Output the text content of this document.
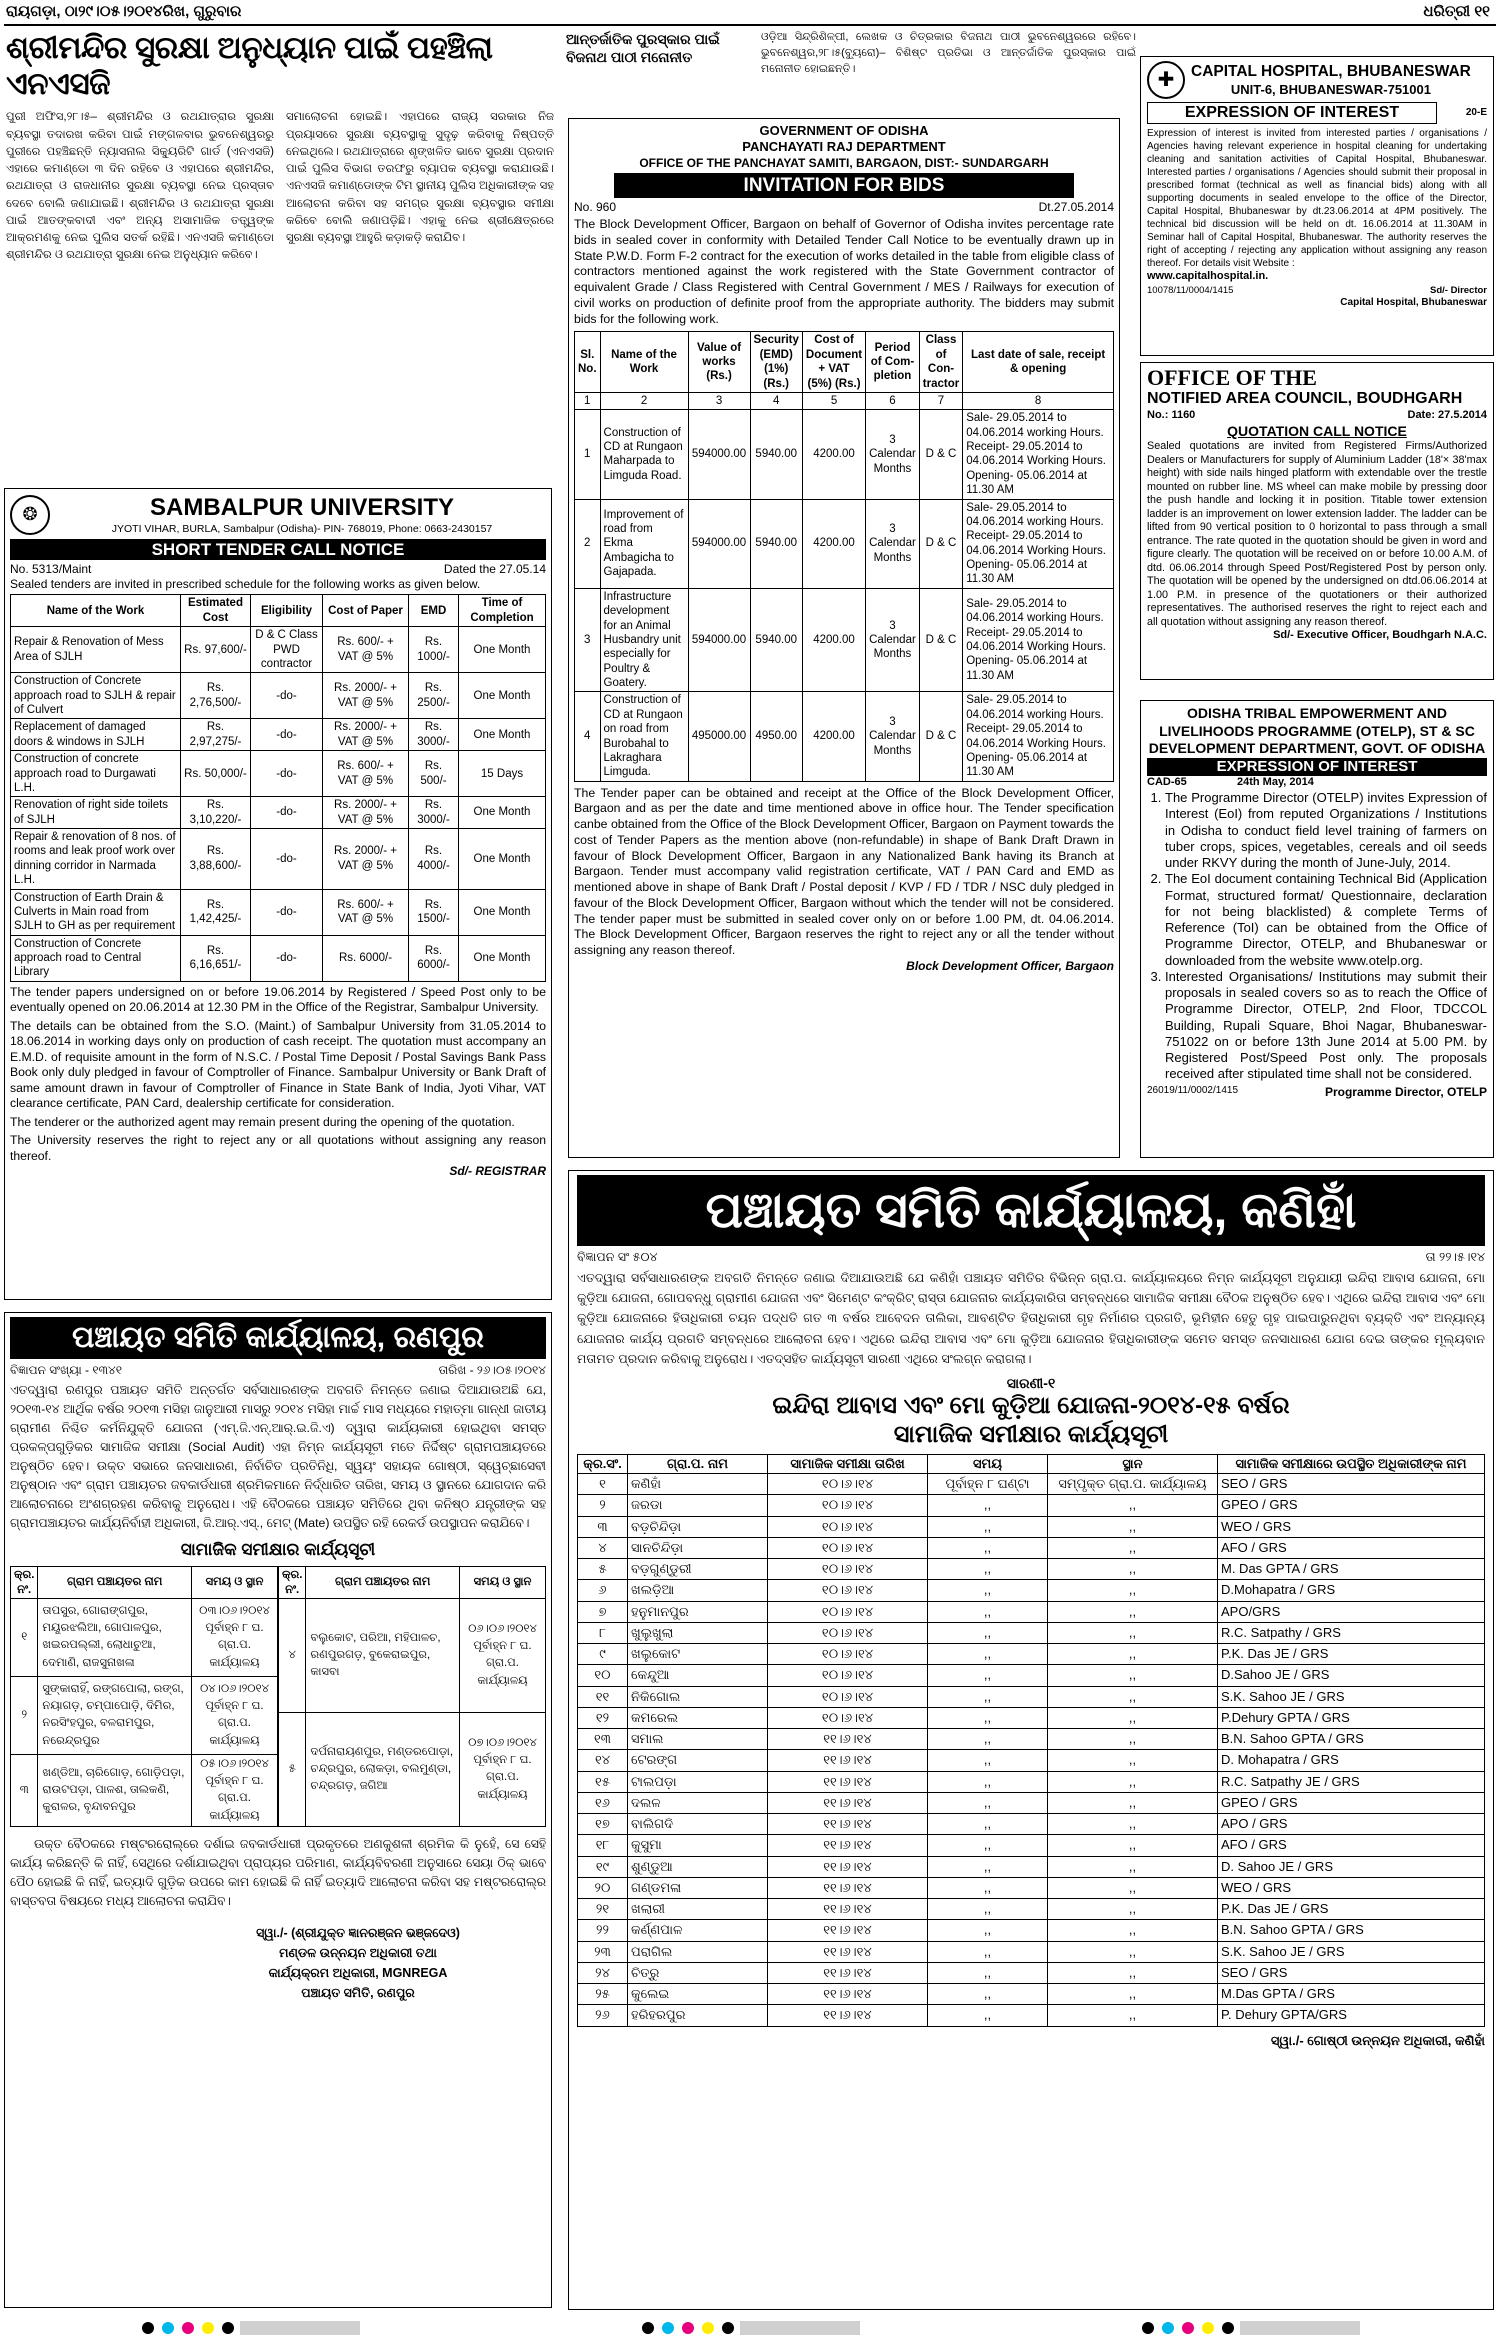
ରାୟଗଡ଼ା, ଠା୨୯।୦୫।୨୦୧୪ରିଖ, ଗୁରୁବାର	ଧରିତ୍ରୀ ୧୧
ଶ୍ରୀମନ୍ଦିର ସୁରକ୍ଷା ଅନୁଧ୍ୟାନ ପାଇଁ ପହଞ୍ଚିଲା ଏନଏସଜି
ପୁରୀ ଅଫିସ,୨୮।୫– ଶ୍ରୀମନ୍ଦିର ଓ ରଥଯାତ୍ରାର ସୁରକ୍ଷା ବ୍ୟବସ୍ଥା ତଦାରଖ କରିବା ପାଇଁ ମଙ୍ଗଳବାର ଭୁବନେଶ୍ୱରରୁ ପୁରୀରେ ପହଞ୍ଚିଛନ୍ତି ନ୍ୟାସନାଲ ସିକ୍ୟୁରିଟି ଗାର୍ଡ (ଏନଏସଜି) ଏହାରେ କମାଣ୍ଡୋ ୩ ଦିନ ରହିବେ ଓ ଏହାପରେ ଶ୍ରୀମନ୍ଦିର, ରଥଯାତ୍ରା ଓ ରାଜଧାନୀର ସୁରକ୍ଷା ବ୍ୟବସ୍ଥା ନେଇ ପ୍ରସ୍ତାବ ଦେବେ ବୋଲି ଜଣାଯାଇଛି। ଶ୍ରୀମନ୍ଦିର ଓ ରଥଯାତ୍ରା ସୁରକ୍ଷା ପାଇଁ ଆତଙ୍କବାଦୀ ଏବଂ ଅନ୍ୟ ଅସାମାଜିକ ତତ୍ତ୍ୱଙ୍କ ଆକ୍ରମଣକୁ ନେଇ ପୁଲିସ ସତର୍କ ରହିଛି। ଏନଏସଜି କମାଣ୍ଡୋ ଶ୍ରୀମନ୍ଦିର ଓ ରଥଯାତ୍ରା ସୁରକ୍ଷା ନେଇ ଅନୁଧ୍ୟାନ କରିବେ।
ସମାଲୋଚନା ହୋଇଛି। ଏହାପରେ ରାଜ୍ୟ ସରକାର ନିଜ ପ୍ରୟାସରେ ସୁରକ୍ଷା ବ୍ୟବସ୍ଥାକୁ ସୁଦୃଢ଼ କରିବାକୁ ନିଷ୍ପତ୍ତି ନେଇଥିଲେ। ରଥଯାତ୍ରାରେ ଶୃଙ୍ଖଳିତ ଭାବେ ସୁରକ୍ଷା ପ୍ରଦାନ ପାଇଁ ପୁଲିସ ବିଭାଗ ତରଫରୁ ବ୍ୟାପକ ବ୍ୟବସ୍ଥା କରାଯାଉଛି। ଏନଏସଜି କମାଣ୍ଡୋଙ୍କ ଟିମ ସ୍ଥାନୀୟ ପୁଲିସ ଅଧିକାରୀଙ୍କ ସହ ଆଲୋଚନା କରିବା ସହ ସମଗ୍ର ସୁରକ୍ଷା ବ୍ୟବସ୍ଥାର ସମୀକ୍ଷା କରିବେ ବୋଲି ଜଣାପଡ଼ିଛି। ଏହାକୁ ନେଇ ଶ୍ରୀକ୍ଷେତ୍ରରେ ସୁରକ୍ଷା ବ୍ୟବସ୍ଥା ଆହୁରି କଡ଼ାକଡ଼ି କରାଯିବ।
ଆନ୍ତର୍ଜାତିକ ପୁରସ୍କାର ପାଇଁ ବିଜନାଥ ପାଠୀ ମନୋନୀତ
ଓଡ଼ିଆ ସିନ୍ଦ୍ରିଶିଳ୍ପୀ, ଲେଖକ ଓ ଚିତ୍ରକାର ବିଜନାଥ ପାଠୀ ଭୁବନେଶ୍ୱରରେ ରହିବେ। ଭୁବନେଶ୍ୱର,୨୮।୫(ବ୍ୟୁରୋ)– ବିଶିଷ୍ଟ ପ୍ରତିଭା ଓ ଆନ୍ତର୍ଜାତିକ ପୁରସ୍କାର ପାଇଁ ମନୋନୀତ ହୋଇଛନ୍ତି।	✚	CAPITAL HOSPITAL, BHUBANESWAR
UNIT-6, BHUBANESWAR-751001
EXPRESSION OF INTEREST	20-E
Expression of interest is invited from interested parties / organisations / Agencies having relevant experience in hospital cleaning for undertaking cleaning and sanitation activities of Capital Hospital, Bhubaneswar. Interested parties / organisations / Agencies should submit their proposal in prescribed format (technical as well as financial bids) along with all supporting documents in sealed envelope to the office of the Director, Capital Hospital, Bhubaneswar by dt.23.06.2014 at 4PM positively. The technical bid discussion will be held on dt. 16.06.2014 at 11.30AM in Seminar hall of Capital Hospital, Bhubaneswar. The authority reserves the right of accepting / rejecting any application without assigning any reason thereof. For details visit Website :
www.capitalhospital.in.
10078/11/0004/1415	Sd/- Director
Capital Hospital, Bhubaneswar
GOVERNMENT OF ODISHA
PANCHAYATI RAJ DEPARTMENT
OFFICE OF THE PANCHAYAT SAMITI, BARGAON, DIST:- SUNDARGARH
INVITATION FOR BIDS
No. 960	Dt.27.05.2014
The Block Development Officer, Bargaon on behalf of Governor of Odisha invites percentage rate bids in sealed cover in conformity with Detailed Tender Call Notice to be eventually drawn up in State P.W.D. Form F-2 contract for the execution of works detailed in the table from eligible class of contractors mentioned against the work registered with the State Government contractor of equivalent Grade / Class Registered with Central Government / MES / Railways for execution of civil works on production of definite proof from the appropriate authority. The bidders may submit bids for the following work.
Sl. No.	Name of the Work	Value of works (Rs.)	Security (EMD) (1%) (Rs.)	Cost of Document + VAT (5%) (Rs.)	Period of Com-pletion	Class of Con-tractor	Last date of sale, receipt & opening
1	2	3	4	5	6	7	8
1	Construction of CD at Rungaon Maharpada to Limguda Road.	594000.00	5940.00	4200.00	3 Calendar Months	D & C	Sale- 29.05.2014 to 04.06.2014 working Hours.
Receipt- 29.05.2014 to 04.06.2014 Working Hours.
Opening- 05.06.2014 at 11.30 AM

2	Improvement of road from Ekma Ambagicha to Gajapada.	594000.00	5940.00	4200.00	3 Calendar Months	D & C	Sale- 29.05.2014 to 04.06.2014 working Hours.
Receipt- 29.05.2014 to 04.06.2014 Working Hours.
Opening- 05.06.2014 at 11.30 AM

3	Infrastructure development for an Animal Husbandry unit especially for Poultry & Goatery.	594000.00	5940.00	4200.00	3 Calendar Months	D & C	Sale- 29.05.2014 to 04.06.2014 working Hours.
Receipt- 29.05.2014 to 04.06.2014 Working Hours.
Opening- 05.06.2014 at 11.30 AM

4	Construction of CD at Rungaon on road from Burobahal to Lakraghara Limguda.	495000.00	4950.00	4200.00	3 Calendar Months	D & C	Sale- 29.05.2014 to 04.06.2014 working Hours.
Receipt- 29.05.2014 to 04.06.2014 Working Hours.
Opening- 05.06.2014 at 11.30 AM
The Tender paper can be obtained and receipt at the Office of the Block Development Officer, Bargaon and as per the date and time mentioned above in office hour. The Tender specification canbe obtained from the Office of the Block Development Officer, Bargaon on Payment towards the cost of Tender Papers as the mention above (non-refundable) in shape of Bank Draft Drawn in favour of Block Development Officer, Bargaon in any Nationalized Bank having its Branch at Bargaon. Tender must accompany valid registration certificate, VAT / PAN Card and EMD as mentioned above in shape of Bank Draft / Postal deposit / KVP / FD / TDR / NSC duly pledged in favour of the Block Development Officer, Bargaon without which the tender will not be considered. The tender paper must be submitted in sealed cover only on or before 1.00 PM, dt. 04.06.2014. The Block Development Officer, Bargaon reserves the right to reject any or all the tender without assigning any reason thereof.
Block Development Officer, Bargaon
OFFICE OF THE
NOTIFIED AREA COUNCIL, BOUDHGARH
No.: 1160	Date: 27.5.2014
QUOTATION CALL NOTICE
Sealed quotations are invited from Registered Firms/Authorized Dealers or Manufacturers for supply of Aluminium Ladder (18'× 38'max height) with side nails hinged platform with extendable over the trestle mounted on rubber line. MS wheel can make mobile by pressing door the push handle and locking it in position. Titable tower extension ladder is an improvement on lower extension ladder. The ladder can be lifted from 90 vertical position to 0 horizontal to pass through a small entrance. The rate quoted in the quotation should be given in word and figure clearly. The quotation will be received on or before 10.00 A.M. of dtd. 06.06.2014 through Speed Post/Registered Post by person only. The quotation will be opened by the undersigned on dtd.06.06.2014 at 1.00 P.M. in presence of the quotationers or their authorized representatives. The authorised reserves the right to reject each and all quotation without assigning any reason thereof.
Sd/- Executive Officer, Boudhgarh N.A.C.
ODISHA TRIBAL EMPOWERMENT AND
LIVELIHOODS PROGRAMME (OTELP), ST & SC
DEVELOPMENT DEPARTMENT, GOVT. OF ODISHA
EXPRESSION OF INTEREST
CAD-65	24th May, 2014
1. The Programme Director (OTELP) invites Expression of Interest (EoI) from reputed Organizations / Institutions in Odisha to conduct field level training of farmers on tuber crops, spices, vegetables, cereals and oil seeds under RKVY during the month of June-July, 2014.
2. The EoI document containing Technical Bid (Application Format, structured format/ Questionnaire, declaration for not being blacklisted) & complete Terms of Reference (ToI) can be obtained from the Office of Programme Director, OTELP, and Bhubaneswar or downloaded from the website www.otelp.org.
3. Interested Organisations/ Institutions may submit their proposals in sealed covers so as to reach the Office of Programme Director, OTELP, 2nd Floor, TDCCOL Building, Rupali Square, Bhoi Nagar, Bhubaneswar-751022 on or before 13th June 2014 at 5.00 PM. by Registered Post/Speed Post only. The proposals received after stipulated time shall not be considered.
26019/11/0002/1415	Programme Director, OTELP
❂	SAMBALPUR UNIVERSITY
JYOTI VIHAR, BURLA, Sambalpur (Odisha)- PIN- 768019, Phone: 0663-2430157
SHORT TENDER CALL NOTICE
No. 5313/Maint	Dated the 27.05.14
Sealed tenders are invited in prescribed schedule for the following works as given below.
Name of the Work	Estimated Cost	Eligibility	Cost of Paper	EMD	Time of Completion
Repair & Renovation of Mess Area of SJLH	Rs. 97,600/-	D & C Class PWD contractor	Rs. 600/- + VAT @ 5%	Rs. 1000/-	One Month
Construction of Concrete approach road to SJLH & repair of Culvert	Rs. 2,76,500/-	-do-	Rs. 2000/- + VAT @ 5%	Rs. 2500/-	One Month
Replacement of damaged doors & windows in SJLH	Rs. 2,97,275/-	-do-	Rs. 2000/- + VAT @ 5%	Rs. 3000/-	One Month
Construction of concrete approach road to Durgawati L.H.	Rs. 50,000/-	-do-	Rs. 600/- + VAT @ 5%	Rs. 500/-	15 Days
Renovation of right side toilets of SJLH	Rs. 3,10,220/-	-do-	Rs. 2000/- + VAT @ 5%	Rs. 3000/-	One Month
Repair & renovation of 8 nos. of rooms and leak proof work over dinning corridor in Narmada L.H.	Rs. 3,88,600/-	-do-	Rs. 2000/- + VAT @ 5%	Rs. 4000/-	One Month
Construction of Earth Drain & Culverts in Main road from SJLH to GH as per requirement	Rs. 1,42,425/-	-do-	Rs. 600/- + VAT @ 5%	Rs. 1500/-	One Month
Construction of Concrete approach road to Central Library	Rs. 6,16,651/-	-do-	Rs. 6000/-	Rs. 6000/-	One Month
The tender papers undersigned on or before 19.06.2014 by Registered / Speed Post only to be eventually opened on 20.06.2014 at 12.30 PM in the Office of the Registrar, Sambalpur University.
The details can be obtained from the S.O. (Maint.) of Sambalpur University from 31.05.2014 to 18.06.2014 in working days only on production of cash receipt. The quotation must accompany an E.M.D. of requisite amount in the form of N.S.C. / Postal Time Deposit / Postal Savings Bank Pass Book only duly pledged in favour of Comptroller of Finance. Sambalpur University or Bank Draft of same amount drawn in favour of Comptroller of Finance in State Bank of India, Jyoti Vihar, VAT clearance certificate, PAN Card, dealership certificate for consideration.
The tenderer or the authorized agent may remain present during the opening of the quotation.
The University reserves the right to reject any or all quotations without assigning any reason thereof.
Sd/- REGISTRAR
ପଞ୍ଚାୟତ ସମିତି କାର୍ଯ୍ୟାଳୟ, ରଣପୁର
ବିଜ୍ଞାପନ ସଂଖ୍ୟା - ୧୩୪୧	ତାରିଖ - ୨୬।୦୫।୨୦୧୪
ଏତଦ୍ୱାରା ରଣପୁର ପଞ୍ଚାୟତ ସମିତି ଅନ୍ତର୍ଗତ ସର୍ବସାଧାରଣଙ୍କ ଅବଗତି ନିମନ୍ତେ ଜଣାଇ ଦିଆଯାଉଅଛି ଯେ, ୨୦୧୩-୧୪ ଆର୍ଥିକ ବର୍ଷର ୨୦୧୩ ମସିହା ଜାନୁଆରୀ ମାସରୁ ୨୦୧୪ ମସିହା ମାର୍ଚ୍ଚ ମାସ ମଧ୍ୟରେ ମହାତ୍ମା ଗାନ୍ଧୀ ଜାତୀୟ ଗ୍ରାମୀଣ ନିଶ୍ଚିତ କର୍ମନିଯୁକ୍ତି ଯୋଜନା (ଏମ୍.ଜି.ଏନ୍.ଆର୍.ଇ.ଜି.ଏ) ଦ୍ୱାରା କାର୍ଯ୍ୟକାରୀ ହୋଇଥିବା ସମସ୍ତ ପ୍ରକଳ୍ପଗୁଡ଼ିକର ସାମାଜିକ ସମୀକ୍ଷା (Social Audit) ଏହା ନିମ୍ନ କାର୍ଯ୍ୟସୂଚୀ ମତେ ନିର୍ଦ୍ଦିଷ୍ଟ ଗ୍ରାମପଞ୍ଚାୟତରେ ଅନୁଷ୍ଠିତ ହେବ। ଉକ୍ତ ସଭାରେ ଜନସାଧାରଣ, ନିର୍ବାଚିତ ପ୍ରତିନିଧି, ସ୍ୱୟଂ ସହାୟକ ଗୋଷ୍ଠୀ, ସ୍ୱେଚ୍ଛାସେବୀ ଅନୁଷ୍ଠାନ ଏବଂ ଗ୍ରାମ ପଞ୍ଚାୟତର ଜବକାର୍ଡଧାରୀ ଶ୍ରମିକମାନେ ନିର୍ଦ୍ଧାରିତ ତାରିଖ, ସମୟ ଓ ସ୍ଥାନରେ ଯୋଗଦାନ କରି ଆଲୋଚନାରେ ଅଂଶଗ୍ରହଣ କରିବାକୁ ଅନୁରୋଧ। ଏହି ବୈଠକରେ ପଞ୍ଚାୟତ ସମିତିରେ ଥିବା କନିଷ୍ଠ ଯନ୍ତ୍ରୀଙ୍କ ସହ ଗ୍ରାମପଞ୍ଚାୟତର କାର୍ଯ୍ୟନିର୍ବାହୀ ଅଧିକାରୀ, ଜି.ଆର୍.ଏସ୍., ମେଟ୍ (Mate) ଉପସ୍ଥିତ ରହି ରେକର୍ଡ ଉପସ୍ଥାପନ କରାଯିବେ।
ସାମାଜିକ ସମୀକ୍ଷାର କାର୍ଯ୍ୟସୂଚୀ
କ୍ର. ନଂ.	ଗ୍ରାମ ପଞ୍ଚାୟତର ନାମ	ସମୟ ଓ ସ୍ଥାନ
୧	ତାପସୁର, ଗୋରାଙ୍ଗପୁର, ମୟୂରଝଲିଆ, ଗୋପାଳପୁର, ଖଇରପଲ୍ଲୀ, ଲୋଧାଚୁଆ, ଦେମାଣି, ରାଜସୁନାଖଳା	୦୩।୦୬।୨୦୧୪ ପୂର୍ବାହ୍ନ ୮ ଘ. ଗ୍ରା.ପ. କାର୍ଯ୍ୟାଳୟ
୨	ସୁଙ୍କାରାହିଁ, ରଙ୍ଗପୋଲା, ରଙ୍ଗ, ନୟାଗଡ଼, ଚମ୍ପାପୋଡ଼ି, ଦିମିର, ନରସିଂହପୁର, ବଳରାମପୁର, ନରେନ୍ଦ୍ରପୁର	୦୪।୦୬।୨୦୧୪ ପୂର୍ବାହ୍ନ ୮ ଘ. ଗ୍ରା.ପ. କାର୍ଯ୍ୟାଳୟ
୩	ଖଣ୍ଡିଆ, ଚାରିଗୋଡ଼, ଗୋଡ଼ିପଡ଼ା, ରାଉଟପଡ଼ା, ପାଳଶ, ତାଲକଣି, କୁରାଳର, ବୃନ୍ଦାବନପୁର	୦୫।୦୬।୨୦୧୪ ପୂର୍ବାହ୍ନ ୮ ଘ. ଗ୍ରା.ପ. କାର୍ଯ୍ୟାଳୟ
କ୍ର. ନଂ.	ଗ୍ରାମ ପଞ୍ଚାୟତର ନାମ	ସମୟ ଓ ସ୍ଥାନ
୪	ବଲୁକୋଟ, ପରିଆ, ମହିପାଳଚ, ରଣପୁରଗଡ଼, ବୁକେରାଇପୁର, କାସବା	୦୬।୦୬।୨୦୧୪ ପୂର୍ବାହ୍ନ ୮ ଘ. ଗ୍ରା.ପ. କାର୍ଯ୍ୟାଳୟ
୫	ଦର୍ପନାରାୟଣପୁର, ମଣ୍ଡରପୋଡ଼ା, ଚନ୍ଦ୍ରପୁର, ଲୋକଡ଼ା, ବଲମୁଣ୍ଡା, ଚନ୍ଦ୍ରଗଡ଼, ଜଗିଆ	୦୭।୦୬।୨୦୧୪ ପୂର୍ବାହ୍ନ ୮ ଘ. ଗ୍ରା.ପ. କାର୍ଯ୍ୟାଳୟ
ଉକ୍ତ ବୈଠକରେ ମଷ୍ଟରରୋଲ୍‌ରେ ଦର୍ଶାଇ ଜବକାର୍ଡଧାରୀ ପ୍ରକୃତରେ ଅଣକୁଶଳୀ ଶ୍ରମିକ କି ନୁହେଁ, ସେ ସେହି କାର୍ଯ୍ୟ କରିଛନ୍ତି କି ନାହିଁ, ସେଥିରେ ଦର୍ଶାଯାଇଥିବା ପ୍ରାପ୍ୟର ପରିମାଣ, କାର୍ଯ୍ୟବିବରଣୀ ଅନୁସାରେ ସେୟା ଠିକ୍ ଭାବେ ପୈଠ ହୋଇଛି କି ନାହିଁ, ଇତ୍ୟାଦି ଗୁଡ଼ିକ ଉପରେ କାମ ହୋଇଛି କି ନାହିଁ ଇତ୍ୟାଦି ଆଲୋଚନା କରିବା ସହ ମଷ୍ଟରରୋଲ୍‌ର ବାସ୍ତବତା ବିଷୟରେ ମଧ୍ୟ ଆଲୋଚନା କରାଯିବ।
ସ୍ୱା./- (ଶ୍ରୀଯୁକ୍ତ ଜ୍ଞାନରଞ୍ଜନ ଭଞ୍ଜଦେଓ)
ମଣ୍ଡଳ ଉନ୍ନୟନ ଅଧିକାରୀ ତଥା
କାର୍ଯ୍ୟକ୍ରମ ଅଧିକାରୀ, MGNREGA
ପଞ୍ଚାୟତ ସମିତି, ରଣପୁର
ପଞ୍ଚାୟତ ସମିତି କାର୍ଯ୍ୟାଳୟ, କଣିହାଁ
ବିଜ୍ଞାପନ ସଂ ୫୦୪	ତା ୨୨।୫।୧୪
ଏତଦ୍ୱାରା ସର୍ବସାଧାରଣଙ୍କ ଅବଗତି ନିମନ୍ତେ ଜଣାଇ ଦିଆଯାଉଅଛି ଯେ କଣିହାଁ ପଞ୍ଚାୟତ ସମିତିର ବିଭିନ୍ନ ଗ୍ରା.ପ. କାର୍ଯ୍ୟାଳୟରେ ନିମ୍ନ କାର୍ଯ୍ୟସୂଚୀ ଅନୁଯାୟୀ ଇନ୍ଦିରା ଆବାସ ଯୋଜନା, ମୋ କୁଡ଼ିଆ ଯୋଜନା, ଗୋପବନ୍ଧୁ ଗ୍ରାମୀଣ ଯୋଜନା ଏବଂ ସିମେଣ୍ଟ କଂକ୍ରିଟ୍ ରାସ୍ତା ଯୋଜନାର କାର୍ଯ୍ୟକାରିତା ସମ୍ବନ୍ଧରେ ସାମାଜିକ ସମୀକ୍ଷା ବୈଠକ ଅନୁଷ୍ଠିତ ହେବ। ଏଥିରେ ଇନ୍ଦିରା ଆବାସ ଏବଂ ମୋ କୁଡ଼ିଆ ଯୋଜନାରେ ହିତାଧିକାରୀ ଚୟନ ପଦ୍ଧତି ଗତ ୩ ବର୍ଷର ଆବେଦନ ତାଲିକା, ଆବଣ୍ଟିତ ହିତାଧିକାରୀ ଗୃହ ନିର୍ମାଣର ପ୍ରଗତି, ଭୂମିହୀନ ହେତୁ ଗୃହ ପାଇପାରୁନଥିବା ବ୍ୟକ୍ତି ଏବଂ ଅନ୍ୟାନ୍ୟ ଯୋଜନାର କାର୍ଯ୍ୟ ପ୍ରଗତି ସମ୍ବନ୍ଧରେ ଆଲୋଚନା ହେବ। ଏଥିରେ ଇନ୍ଦିରା ଆବାସ ଏବଂ ମୋ କୁଡ଼ିଆ ଯୋଜନାର ହିତାଧିକାରୀଙ୍କ ସମେତ ସମସ୍ତ ଜନସାଧାରଣ ଯୋଗ ଦେଇ ତାଙ୍କର ମୂଲ୍ୟବାନ ମତାମତ ପ୍ରଦାନ କରିବାକୁ ଅନୁରୋଧ। ଏତଦ୍‌ସହିତ କାର୍ଯ୍ୟସୂଚୀ ସାରଣୀ ଏଥିରେ ସଂଲଗ୍ନ କରାଗଲା।
ସାରଣୀ-୧
ଇନ୍ଦିରା ଆବାସ ଏବଂ ମୋ କୁଡ଼ିଆ ଯୋଜନା-୨୦୧୪-୧୫ ବର୍ଷର
ସାମାଜିକ ସମୀକ୍ଷାର କାର୍ଯ୍ୟସୂଚୀ
କ୍ର.ସଂ.	ଗ୍ରା.ପ. ନାମ	ସାମାଜିକ ସମୀକ୍ଷା ତାରିଖ	ସମୟ	ସ୍ଥାନ	ସାମାଜିକ ସମୀକ୍ଷାରେ ଉପସ୍ଥିତ ଅଧିକାରୀଙ୍କ ନାମ
୧	କଣିହାଁ	୧୦।୬।୧୪	ପୂର୍ବାହ୍ନ ୮ ଘଣ୍ଟା	ସମ୍ପୃକ୍ତ ଗ୍ରା.ପ. କାର୍ଯ୍ୟାଳୟ	SEO / GRS
୨	ଜରଡା	୧୦।୬।୧୪	,,	,,	GPEO / GRS
୩	ବଡ଼ଚିନ୍ଦିଡ଼ା	୧୦।୬।୧୪	,,	,,	WEO / GRS
୪	ସାନଚିନ୍ଦିଡ଼ା	୧୦।୬।୧୪	,,	,,	AFO / GRS
୫	ବଡ଼ଗୁଣ୍ଡୁରୀ	୧୦।୬।୧୪	,,	,,	M. Das GPTA / GRS
୬	ଖଲଡ଼ିଆ	୧୦।୬।୧୪	,,	,,	D.Mohapatra / GRS
୭	ହନୁମାନପୁର	୧୦।୬।୧୪	,,	,,	APO/GRS
୮	ଖୁଲୁଖୁଲା	୧୦।୬।୧୪	,,	,,	R.C. Satpathy / GRS
୯	ଖଲୁକୋଟ	୧୦।୬।୧୪	,,	,,	P.K. Das JE / GRS
୧୦	କେନ୍ଦୁଆ	୧୦।୬।୧୪	,,	,,	D.Sahoo JE / GRS
୧୧	ନିକିଗୋଲ	୧୦।୬।୧୪	,,	,,	S.K. Sahoo JE / GRS
୧୨	କମରେଲ	୧୦।୬।୧୪	,,	,,	P.Dehury GPTA / GRS
୧୩	ସମାଲ	୧୧।୬।୧୪	,,	,,	B.N. Sahoo GPTA / GRS
୧୪	ଟେରଙ୍ଗ	୧୧।୬।୧୪	,,	,,	D. Mohapatra / GRS
୧୫	ଟାଲପଡ଼ା	୧୧।୬।୧୪	,,	,,	R.C. Satpathy JE / GRS
୧୬	ଦଲଳ	୧୧।୬।୧୪	,,	,,	GPEO / GRS
୧୭	ବାଲିଗଦି	୧୧।୬।୧୪	,,	,,	APO / GRS
୧୮	କୁସୁମା	୧୧।୬।୧୪	,,	,,	AFO / GRS
୧୯	ଶୁଣ୍ଡୁଆ	୧୧।୬।୧୪	,,	,,	D. Sahoo JE / GRS
୨୦	ଗଣ୍ଡମଳା	୧୧।୬।୧୪	,,	,,	WEO / GRS
୨୧	ଖଲାରୀ	୧୧।୬।୧୪	,,	,,	P.K. Das JE / GRS
୨୨	କର୍ଣ୍ଣପାଳ	୧୧।୬।୧୪	,,	,,	B.N. Sahoo GPTA / GRS
୨୩	ପରାଗିଲ	୧୧।୬।୧୪	,,	,,	S.K. Sahoo JE / GRS
୨୪	ଚିତ୍ରୁ	୧୧।୬।୧୪	,,	,,	SEO / GRS
୨୫	କୁଲେଇ	୧୧।୬।୧୪	,,	,,	M.Das GPTA / GRS
୨୬	ହରିହରପୁର	୧୧।୬।୧୪	,,	,,	P. Dehury GPTA/GRS
ସ୍ୱା./- ଗୋଷ୍ଠୀ ଉନ୍ନୟନ ଅଧିକାରୀ, କଣିହାଁ
